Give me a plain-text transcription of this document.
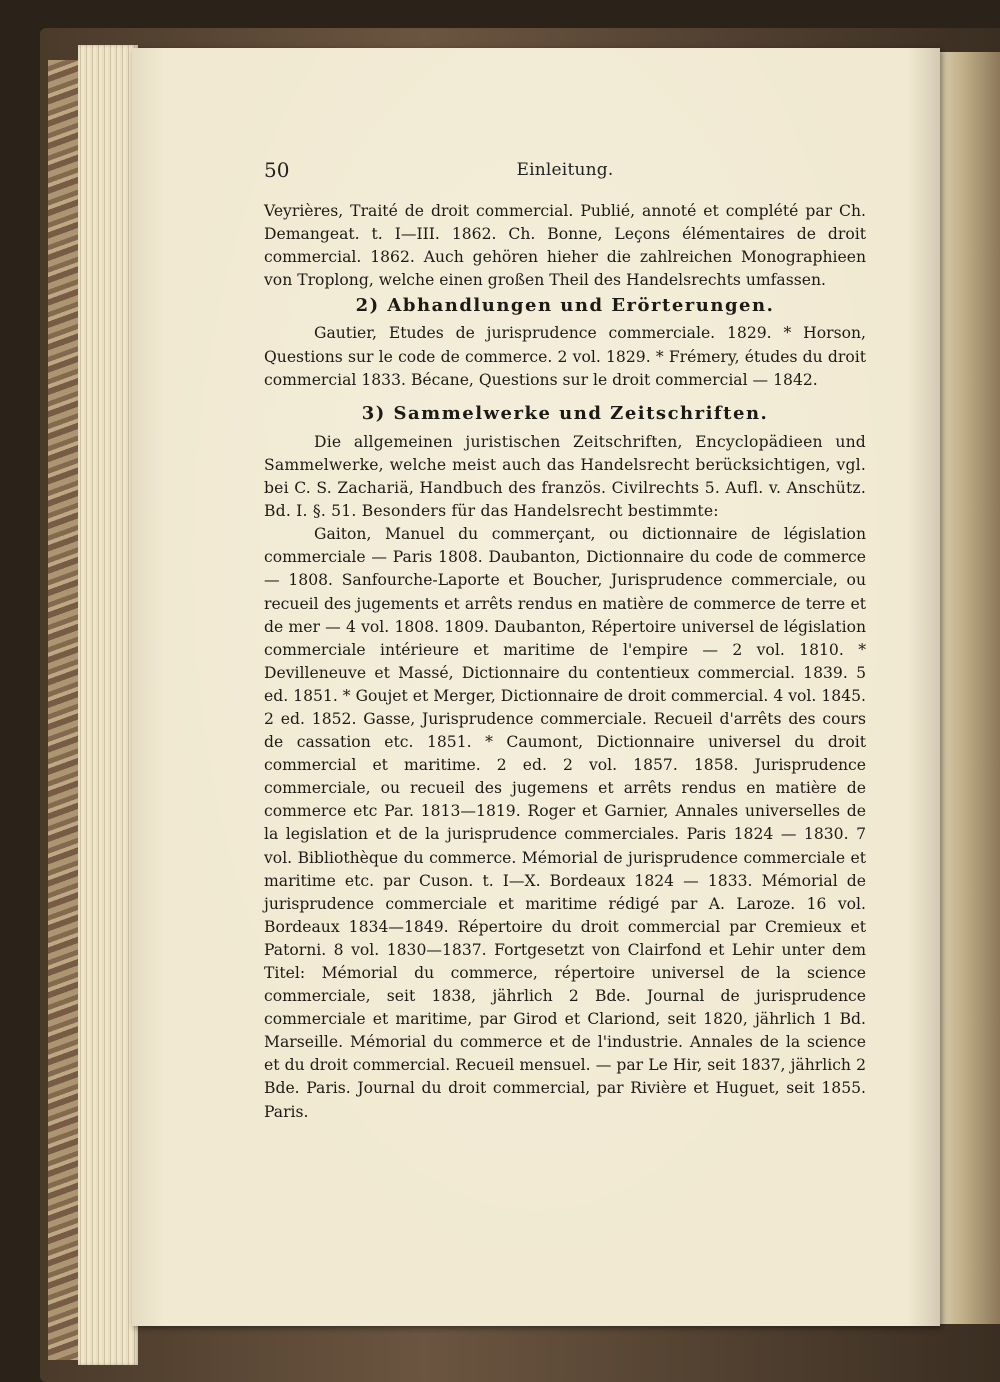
50	Einleitung.

Veyrières, Traité de droit commercial. Publié, annoté et complété par Ch. Demangeat. t. I—III. 1862. Ch. Bonne, Leçons élémentaires de droit commercial. 1862. Auch gehören hieher die zahlreichen Monographieen von Troplong, welche einen großen Theil des Handelsrechts umfassen.

2) Abhandlungen und Erörterungen.

Gautier, Etudes de jurisprudence commerciale. 1829. * Horson, Questions sur le code de commerce. 2 vol. 1829. * Frémery, études du droit commercial 1833. Bécane, Questions sur le droit commercial — 1842.

3) Sammelwerke und Zeitschriften.

Die allgemeinen juristischen Zeitschriften, Encyclopädieen und Sammelwerke, welche meist auch das Handelsrecht berücksichtigen, vgl. bei C. S. Zachariä, Handbuch des französ. Civilrechts 5. Aufl. v. Anschütz. Bd. I. §. 51. Besonders für das Handelsrecht bestimmte:

Gaiton, Manuel du commerçant, ou dictionnaire de législation commerciale — Paris 1808. Daubanton, Dictionnaire du code de commerce — 1808. Sanfourche-Laporte et Boucher, Jurisprudence commerciale, ou recueil des jugements et arrêts rendus en matière de commerce de terre et de mer — 4 vol. 1808. 1809. Daubanton, Répertoire universel de législation commerciale intérieure et maritime de l'empire — 2 vol. 1810. * Devilleneuve et Massé, Dictionnaire du contentieux commercial. 1839. 5 ed. 1851. * Goujet et Merger, Dictionnaire de droit commercial. 4 vol. 1845. 2 ed. 1852. Gasse, Jurisprudence commerciale. Recueil d'arrêts des cours de cassation etc. 1851. * Caumont, Dictionnaire universel du droit commercial et maritime. 2 ed. 2 vol. 1857. 1858. Jurisprudence commerciale, ou recueil des jugemens et arrêts rendus en matière de commerce etc Par. 1813—1819. Roger et Garnier, Annales universelles de la legislation et de la jurisprudence commerciales. Paris 1824 — 1830. 7 vol. Bibliothèque du commerce. Mémorial de jurisprudence commerciale et maritime etc. par Cuson. t. I—X. Bordeaux 1824 — 1833. Mémorial de jurisprudence commerciale et maritime rédigé par A. Laroze. 16 vol. Bordeaux 1834—1849. Répertoire du droit commercial par Cremieux et Patorni. 8 vol. 1830—1837. Fortgesetzt von Clairfond et Lehir unter dem Titel: Mémorial du commerce, répertoire universel de la science commerciale, seit 1838, jährlich 2 Bde. Journal de jurisprudence commerciale et maritime, par Girod et Clariond, seit 1820, jährlich 1 Bd. Marseille. Mémorial du commerce et de l'industrie. Annales de la science et du droit commercial. Recueil mensuel. — par Le Hir, seit 1837, jährlich 2 Bde. Paris. Journal du droit commercial, par Rivière et Huguet, seit 1855. Paris.
